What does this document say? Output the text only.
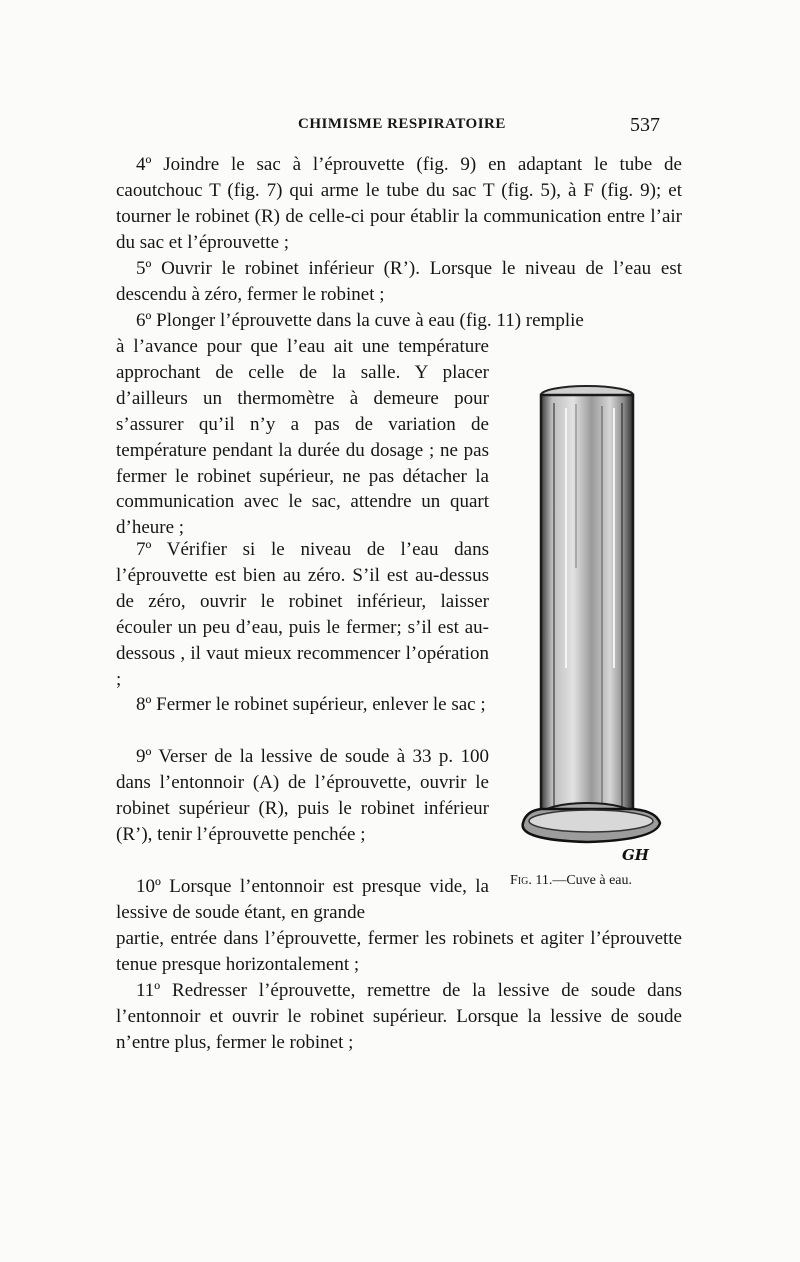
CHIMISME RESPIRATOIRE	537

4º Joindre le sac à l’éprouvette (fig. 9) en adaptant le tube de caoutchouc T (fig. 7) qui arme le tube du sac T (fig. 5), à F (fig. 9); et tourner le robinet (R) de celle-ci pour établir la communication entre l’air du sac et l’éprouvette ;

5º Ouvrir le robinet inférieur (R’). Lorsque le niveau de l’eau est descendu à zéro, fermer le robinet ;

6º Plonger l’éprouvette dans la cuve à eau (fig. 11) remplie

à l’avance pour que l’eau ait une température approchant de celle de la salle. Y placer d’ailleurs un thermomètre à demeure pour s’assurer qu’il n’y a pas de variation de température pendant la durée du dosage ; ne pas fermer le robinet supérieur, ne pas détacher la communication avec le sac, attendre un quart d’heure ;

7º Vérifier si le niveau de l’eau dans l’éprouvette est bien au zéro. S’il est au-dessus de zéro, ouvrir le robinet inférieur, laisser écouler un peu d’eau, puis le fermer; s’il est au-dessous , il vaut mieux recommencer l’opération ;

8º Fermer le robinet supérieur, enlever le sac ;

9º Verser de la lessive de soude à 33 p. 100 dans l’entonnoir (A) de l’éprouvette, ouvrir le robinet supérieur (R), puis le robinet inférieur (R’), tenir l’éprouvette penchée ;

10º Lorsque l’entonnoir est presque vide, la lessive de soude étant, en grande

partie, entrée dans l’éprouvette, fermer les robinets et agiter l’éprouvette tenue presque horizontalement ;

11º Redresser l’éprouvette, remettre de la lessive de soude dans l’entonnoir et ouvrir le robinet supérieur. Lorsque la lessive de soude n’entre plus, fermer le robinet ;

GH
Fig. 11.—Cuve à eau.
